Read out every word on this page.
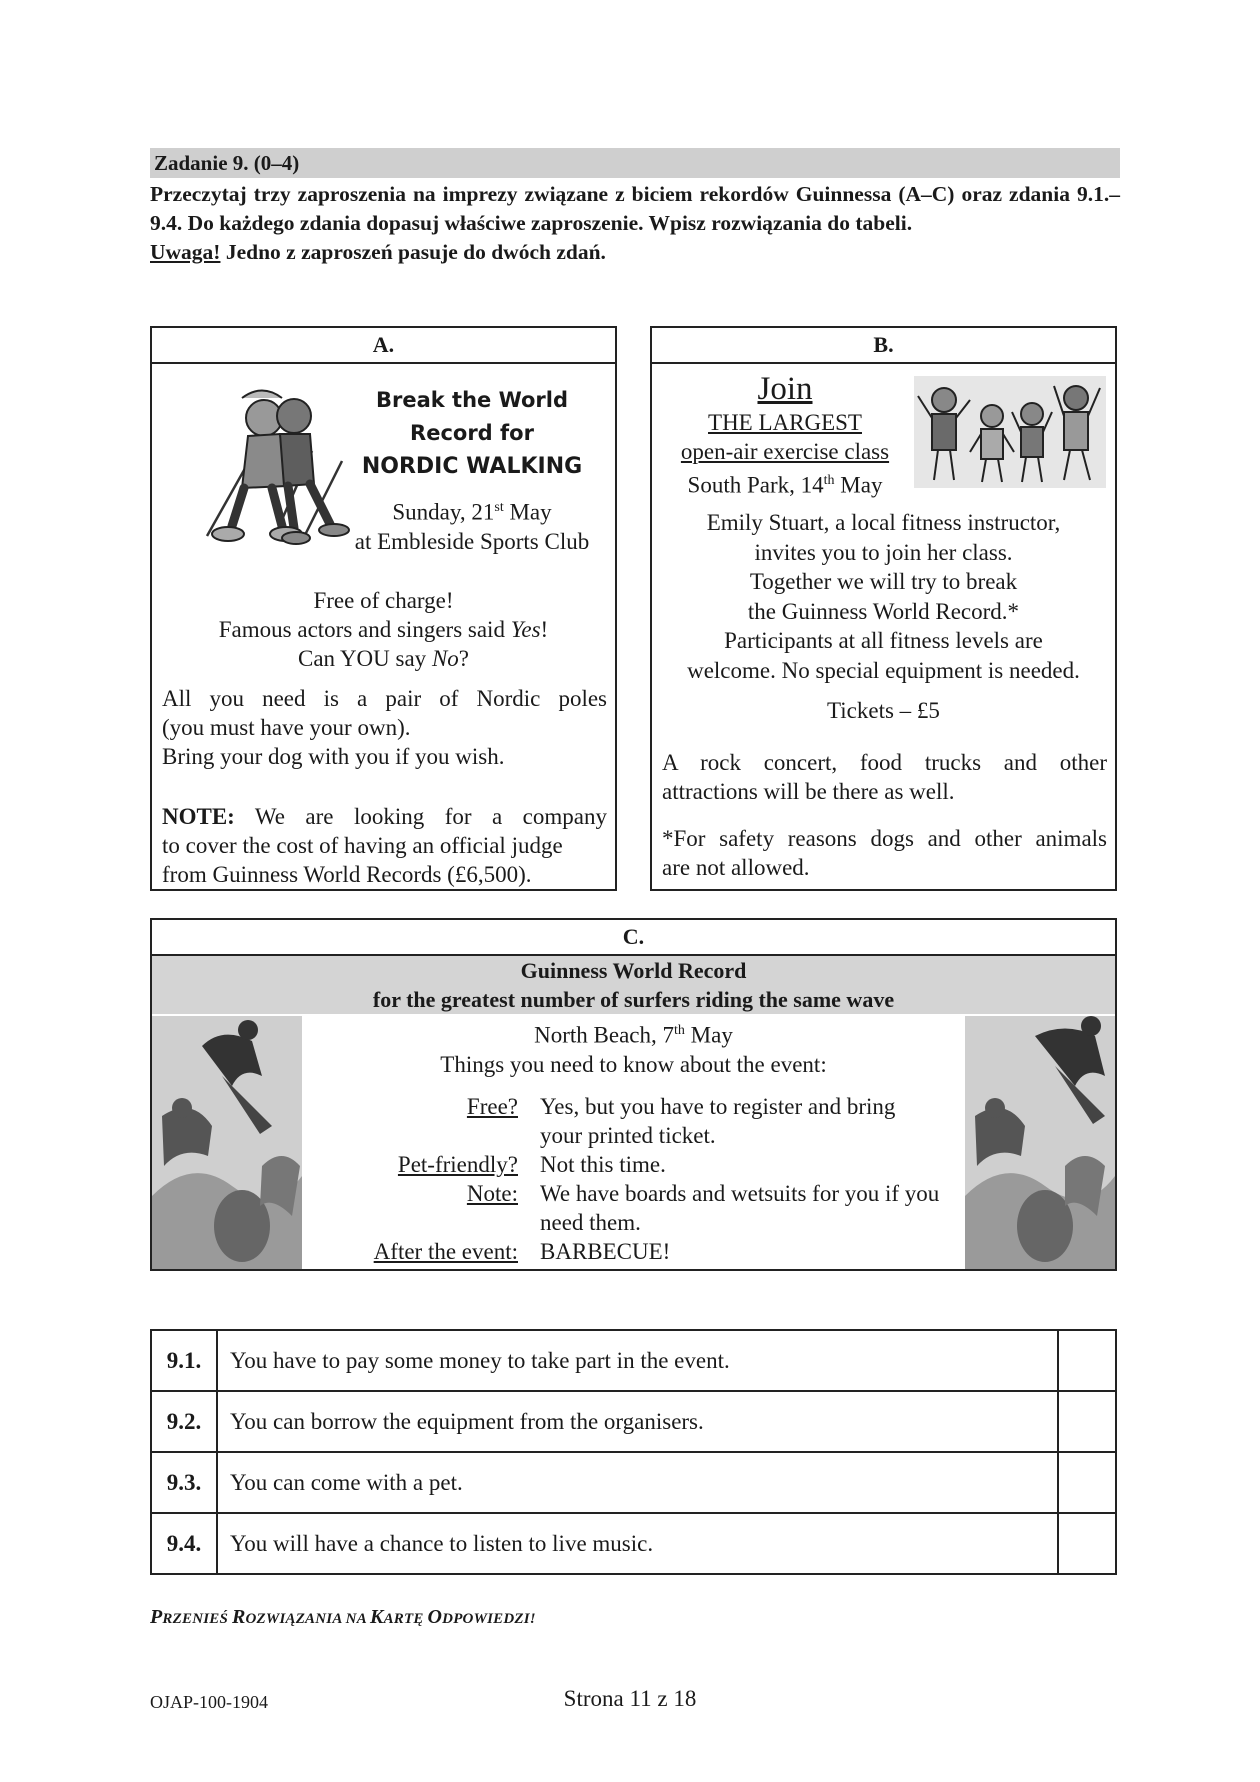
Zadanie 9. (0–4)
Przeczytaj trzy zaproszenia na imprezy związane z biciem rekordów Guinnessa (A–C) oraz zdania 9.1.–9.4. Do każdego zdania dopasuj właściwe zaproszenie. Wpisz rozwiązania do tabeli.
Uwaga! Jedno z zaproszeń pasuje do dwóch zdań.
A.
Break the World
Record for
NORDIC WALKING
Sunday, 21st May
at Embleside Sports Club
Free of charge!
Famous actors and singers said Yes!
Can YOU say No?
All you need is a pair of Nordic poles
(you must have your own).
Bring your dog with you if you wish.
NOTE: We are looking for a company
to cover the cost of having an official judge
from Guinness World Records (£6,500).
B.
Join
THE LARGEST
open-air exercise class
South Park, 14th May
Emily Stuart, a local fitness instructor,
invites you to join her class.
Together we will try to break
the Guinness World Record.*
Participants at all fitness levels are
welcome. No special equipment is needed.
Tickets – £5
A rock concert, food trucks and other
attractions will be there as well.
*For safety reasons dogs and other animals
are not allowed.
C.
Guinness World Record
for the greatest number of surfers riding the same wave
North Beach, 7th May
Things you need to know about the event:
Free? Yes, but you have to register and bring your printed ticket.
Pet-friendly? Not this time.
Note: We have boards and wetsuits for you if you need them.
After the event: BARBECUE!
9.1.	You have to pay some money to take part in the event.	
9.2.	You can borrow the equipment from the organisers.	
9.3.	You can come with a pet.	
9.4.	You will have a chance to listen to live music.	
PRZENIEŚ ROZWIĄZANIA NA KARTĘ ODPOWIEDZI!
OJAP-100-1904	Strona 11 z 18
